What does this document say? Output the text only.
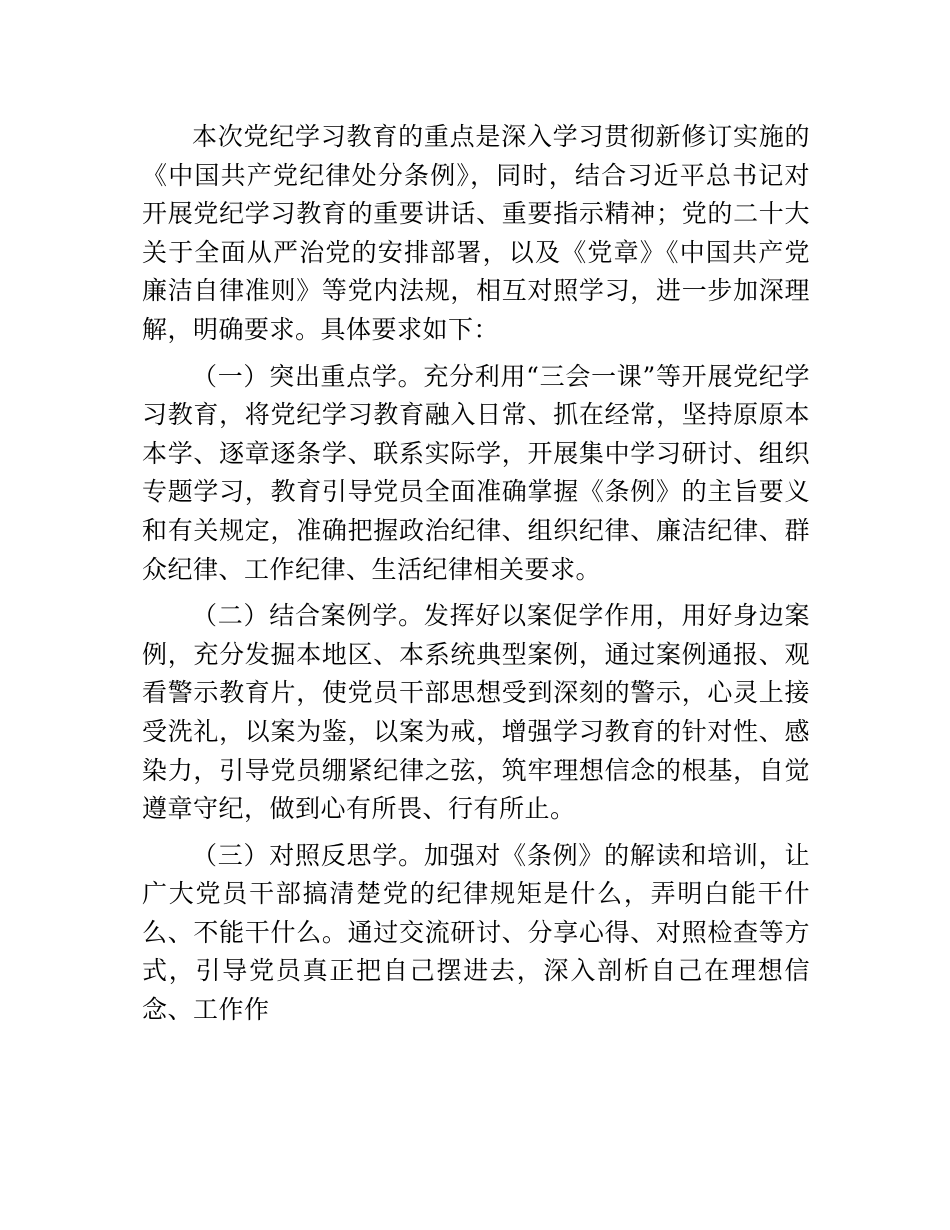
本次党纪学习教育的重点是深入学习贯彻新修订实施的《中国共产党纪律处分条例》，同时，结合习近平总书记对开展党纪学习教育的重要讲话、重要指示精神；党的二十大关于全面从严治党的安排部署，以及《党章》《中国共产党廉洁自律准则》等党内法规，相互对照学习，进一步加深理解，明确要求。具体要求如下：

（一）突出重点学。充分利用“三会一课”等开展党纪学习教育，将党纪学习教育融入日常、抓在经常，坚持原原本本学、逐章逐条学、联系实际学，开展集中学习研讨、组织专题学习，教育引导党员全面准确掌握《条例》的主旨要义和有关规定，准确把握政治纪律、组织纪律、廉洁纪律、群众纪律、工作纪律、生活纪律相关要求。

（二）结合案例学。发挥好以案促学作用，用好身边案例，充分发掘本地区、本系统典型案例，通过案例通报、观看警示教育片，使党员干部思想受到深刻的警示，心灵上接受洗礼，以案为鉴，以案为戒，增强学习教育的针对性、感染力，引导党员绷紧纪律之弦，筑牢理想信念的根基，自觉遵章守纪，做到心有所畏、行有所止。

（三）对照反思学。加强对《条例》的解读和培训，让广大党员干部搞清楚党的纪律规矩是什么，弄明白能干什么、不能干什么。通过交流研讨、分享心得、对照检查等方式，引导党员真正把自己摆进去，深入剖析自己在理想信念、工作作
